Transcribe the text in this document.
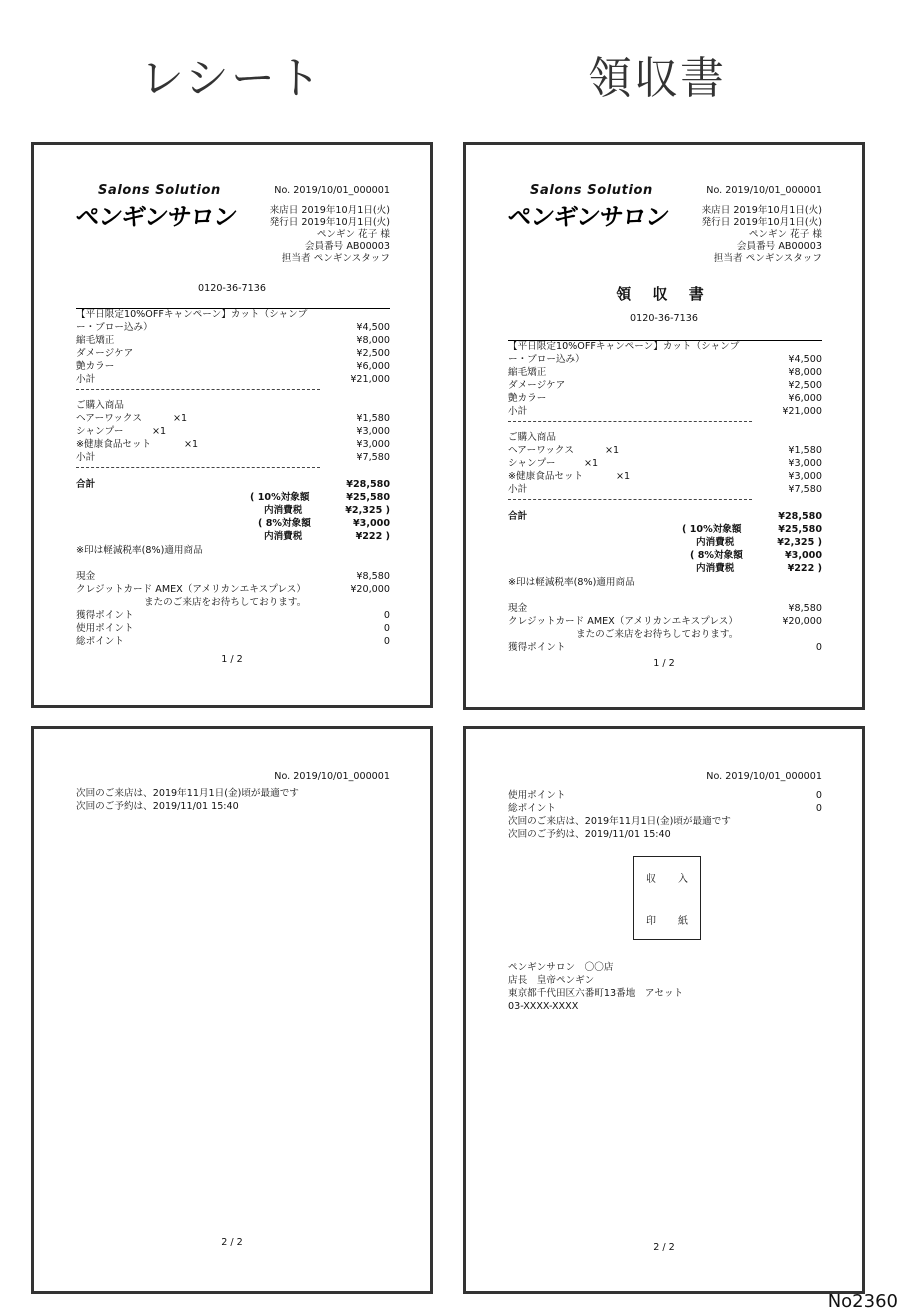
レシート	領収書
Salons Solution
ペンギンサロン
No. 2019/10/01_000001
来店日 2019年10月1日(火)
発行日 2019年10月1日(火)
ペンギン 花子 様
会員番号 AB00003
担当者 ペンギンスタッフ
0120-36-7136
【平日限定10%OFFキャンペーン】カット（シャンプ
ー・ブロー込み）	¥4,500
縮毛矯正	¥8,000
ダメージケア	¥2,500
艶カラー	¥6,000
小計	¥21,000
ご購入商品
ヘアーワックス	×1	¥1,580
シャンプー	×1	¥3,000
※健康食品セット	×1	¥3,000
小計	¥7,580
合計	¥28,580
( 10%対象額	¥25,580
内消費税	¥2,325 )
( 8%対象額	¥3,000
内消費税	¥222 )
※印は軽減税率(8%)適用商品
現金	¥8,580
クレジットカード AMEX（アメリカンエキスプレス）	¥20,000
またのご来店をお待ちしております。
獲得ポイント	0
使用ポイント	0
総ポイント	0
1 / 2
Salons Solution
ペンギンサロン
No. 2019/10/01_000001
来店日 2019年10月1日(火)
発行日 2019年10月1日(火)
ペンギン 花子 様
会員番号 AB00003
担当者 ペンギンスタッフ
領 収 書
0120-36-7136
【平日限定10%OFFキャンペーン】カット（シャンプ
ー・ブロー込み）	¥4,500
縮毛矯正	¥8,000
ダメージケア	¥2,500
艶カラー	¥6,000
小計	¥21,000
ご購入商品
ヘアーワックス	×1	¥1,580
シャンプー	×1	¥3,000
※健康食品セット	×1	¥3,000
小計	¥7,580
合計	¥28,580
( 10%対象額	¥25,580
内消費税	¥2,325 )
( 8%対象額	¥3,000
内消費税	¥222 )
※印は軽減税率(8%)適用商品
現金	¥8,580
クレジットカード AMEX（アメリカンエキスプレス）	¥20,000
またのご来店をお待ちしております。
獲得ポイント	0
1 / 2
No. 2019/10/01_000001
次回のご来店は、2019年11月1日(金)頃が最適です
次回のご予約は、2019/11/01 15:40
2 / 2
No. 2019/10/01_000001
使用ポイント	0
総ポイント	0
次回のご来店は、2019年11月1日(金)頃が最適です
次回のご予約は、2019/11/01 15:40
収 入
印 紙
ペンギンサロン　〇〇店
店長　皇帝ペンギン
東京都千代田区六番町13番地　アセット
03-XXXX-XXXX
2 / 2
No2360
